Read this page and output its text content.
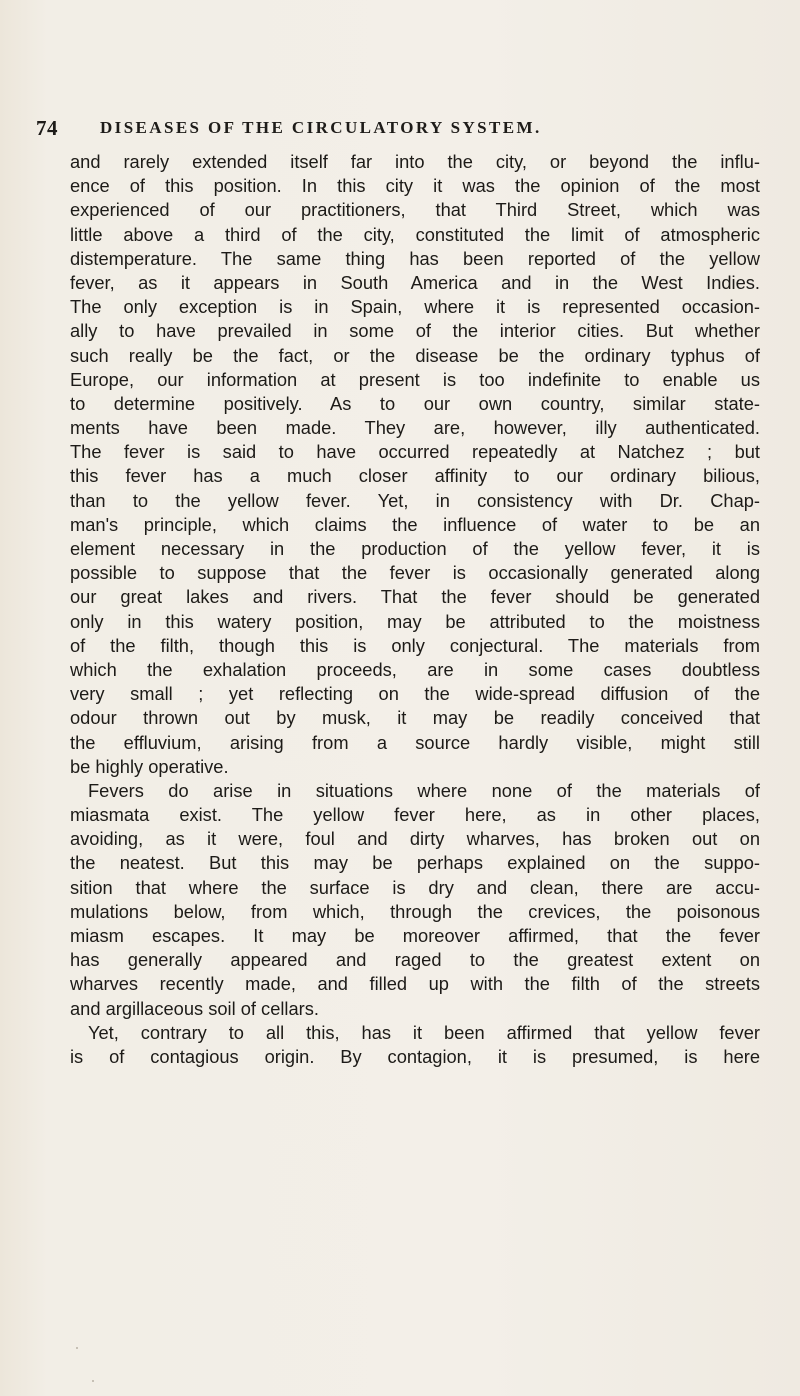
74 DISEASES OF THE CIRCULATORY SYSTEM.
and rarely extended itself far into the city, or beyond the influ-
ence of this position. In this city it was the opinion of the most
experienced of our practitioners, that Third Street, which was
little above a third of the city, constituted the limit of atmospheric
distemperature. The same thing has been reported of the yellow
fever, as it appears in South America and in the West Indies.
The only exception is in Spain, where it is represented occasion-
ally to have prevailed in some of the interior cities. But whether
such really be the fact, or the disease be the ordinary typhus of
Europe, our information at present is too indefinite to enable us
to determine positively. As to our own country, similar state-
ments have been made. They are, however, illy authenticated.
The fever is said to have occurred repeatedly at Natchez ; but
this fever has a much closer affinity to our ordinary bilious,
than to the yellow fever. Yet, in consistency with Dr. Chap-
man's principle, which claims the influence of water to be an
element necessary in the production of the yellow fever, it is
possible to suppose that the fever is occasionally generated along
our great lakes and rivers. That the fever should be generated
only in this watery position, may be attributed to the moistness
of the filth, though this is only conjectural. The materials from
which the exhalation proceeds, are in some cases doubtless
very small ; yet reflecting on the wide-spread diffusion of the
odour thrown out by musk, it may be readily conceived that
the effluvium, arising from a source hardly visible, might still
be highly operative.
Fevers do arise in situations where none of the materials of
miasmata exist. The yellow fever here, as in other places,
avoiding, as it were, foul and dirty wharves, has broken out on
the neatest. But this may be perhaps explained on the suppo-
sition that where the surface is dry and clean, there are accu-
mulations below, from which, through the crevices, the poisonous
miasm escapes. It may be moreover affirmed, that the fever
has generally appeared and raged to the greatest extent on
wharves recently made, and filled up with the filth of the streets
and argillaceous soil of cellars.
Yet, contrary to all this, has it been affirmed that yellow fever
is of contagious origin. By contagion, it is presumed, is here
